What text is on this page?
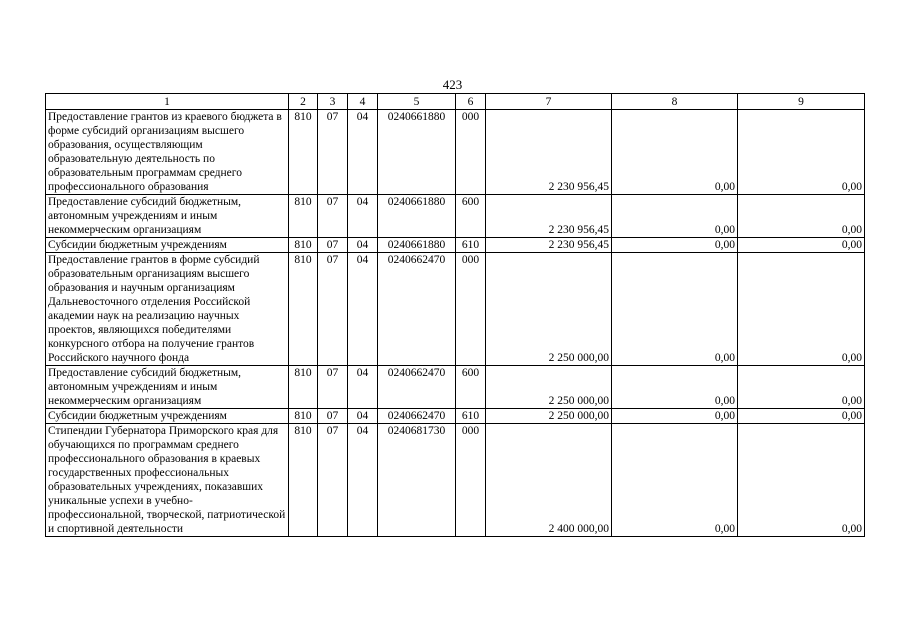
423
1	2	3	4	5	6	7	8	9
Предоставление грантов из краевого бюджета в форме субсидий организациям высшего образования, осуществляющим образовательную деятельность по образовательным программам среднего профессионального образования	810	07	04	0240661880	000	2 230 956,45	0,00	0,00
Предоставление субсидий бюджетным, автономным учреждениям и иным некоммерческим организациям	810	07	04	0240661880	600	2 230 956,45	0,00	0,00
Субсидии бюджетным учреждениям	810	07	04	0240661880	610	2 230 956,45	0,00	0,00
Предоставление грантов в форме субсидий образовательным организациям высшего образования и научным организациям Дальневосточного отделения Российской академии наук на реализацию научных проектов, являющихся победителями конкурсного отбора на получение грантов Российского научного фонда	810	07	04	0240662470	000	2 250 000,00	0,00	0,00
Предоставление субсидий бюджетным, автономным учреждениям и иным некоммерческим организациям	810	07	04	0240662470	600	2 250 000,00	0,00	0,00
Субсидии бюджетным учреждениям	810	07	04	0240662470	610	2 250 000,00	0,00	0,00
Стипендии Губернатора Приморского края для обучающихся по программам среднего профессионального образования в краевых государственных профессиональных образовательных учреждениях, показавших уникальные успехи в учебно-профессиональной, творческой, патриотической и спортивной деятельности	810	07	04	0240681730	000	2 400 000,00	0,00	0,00
